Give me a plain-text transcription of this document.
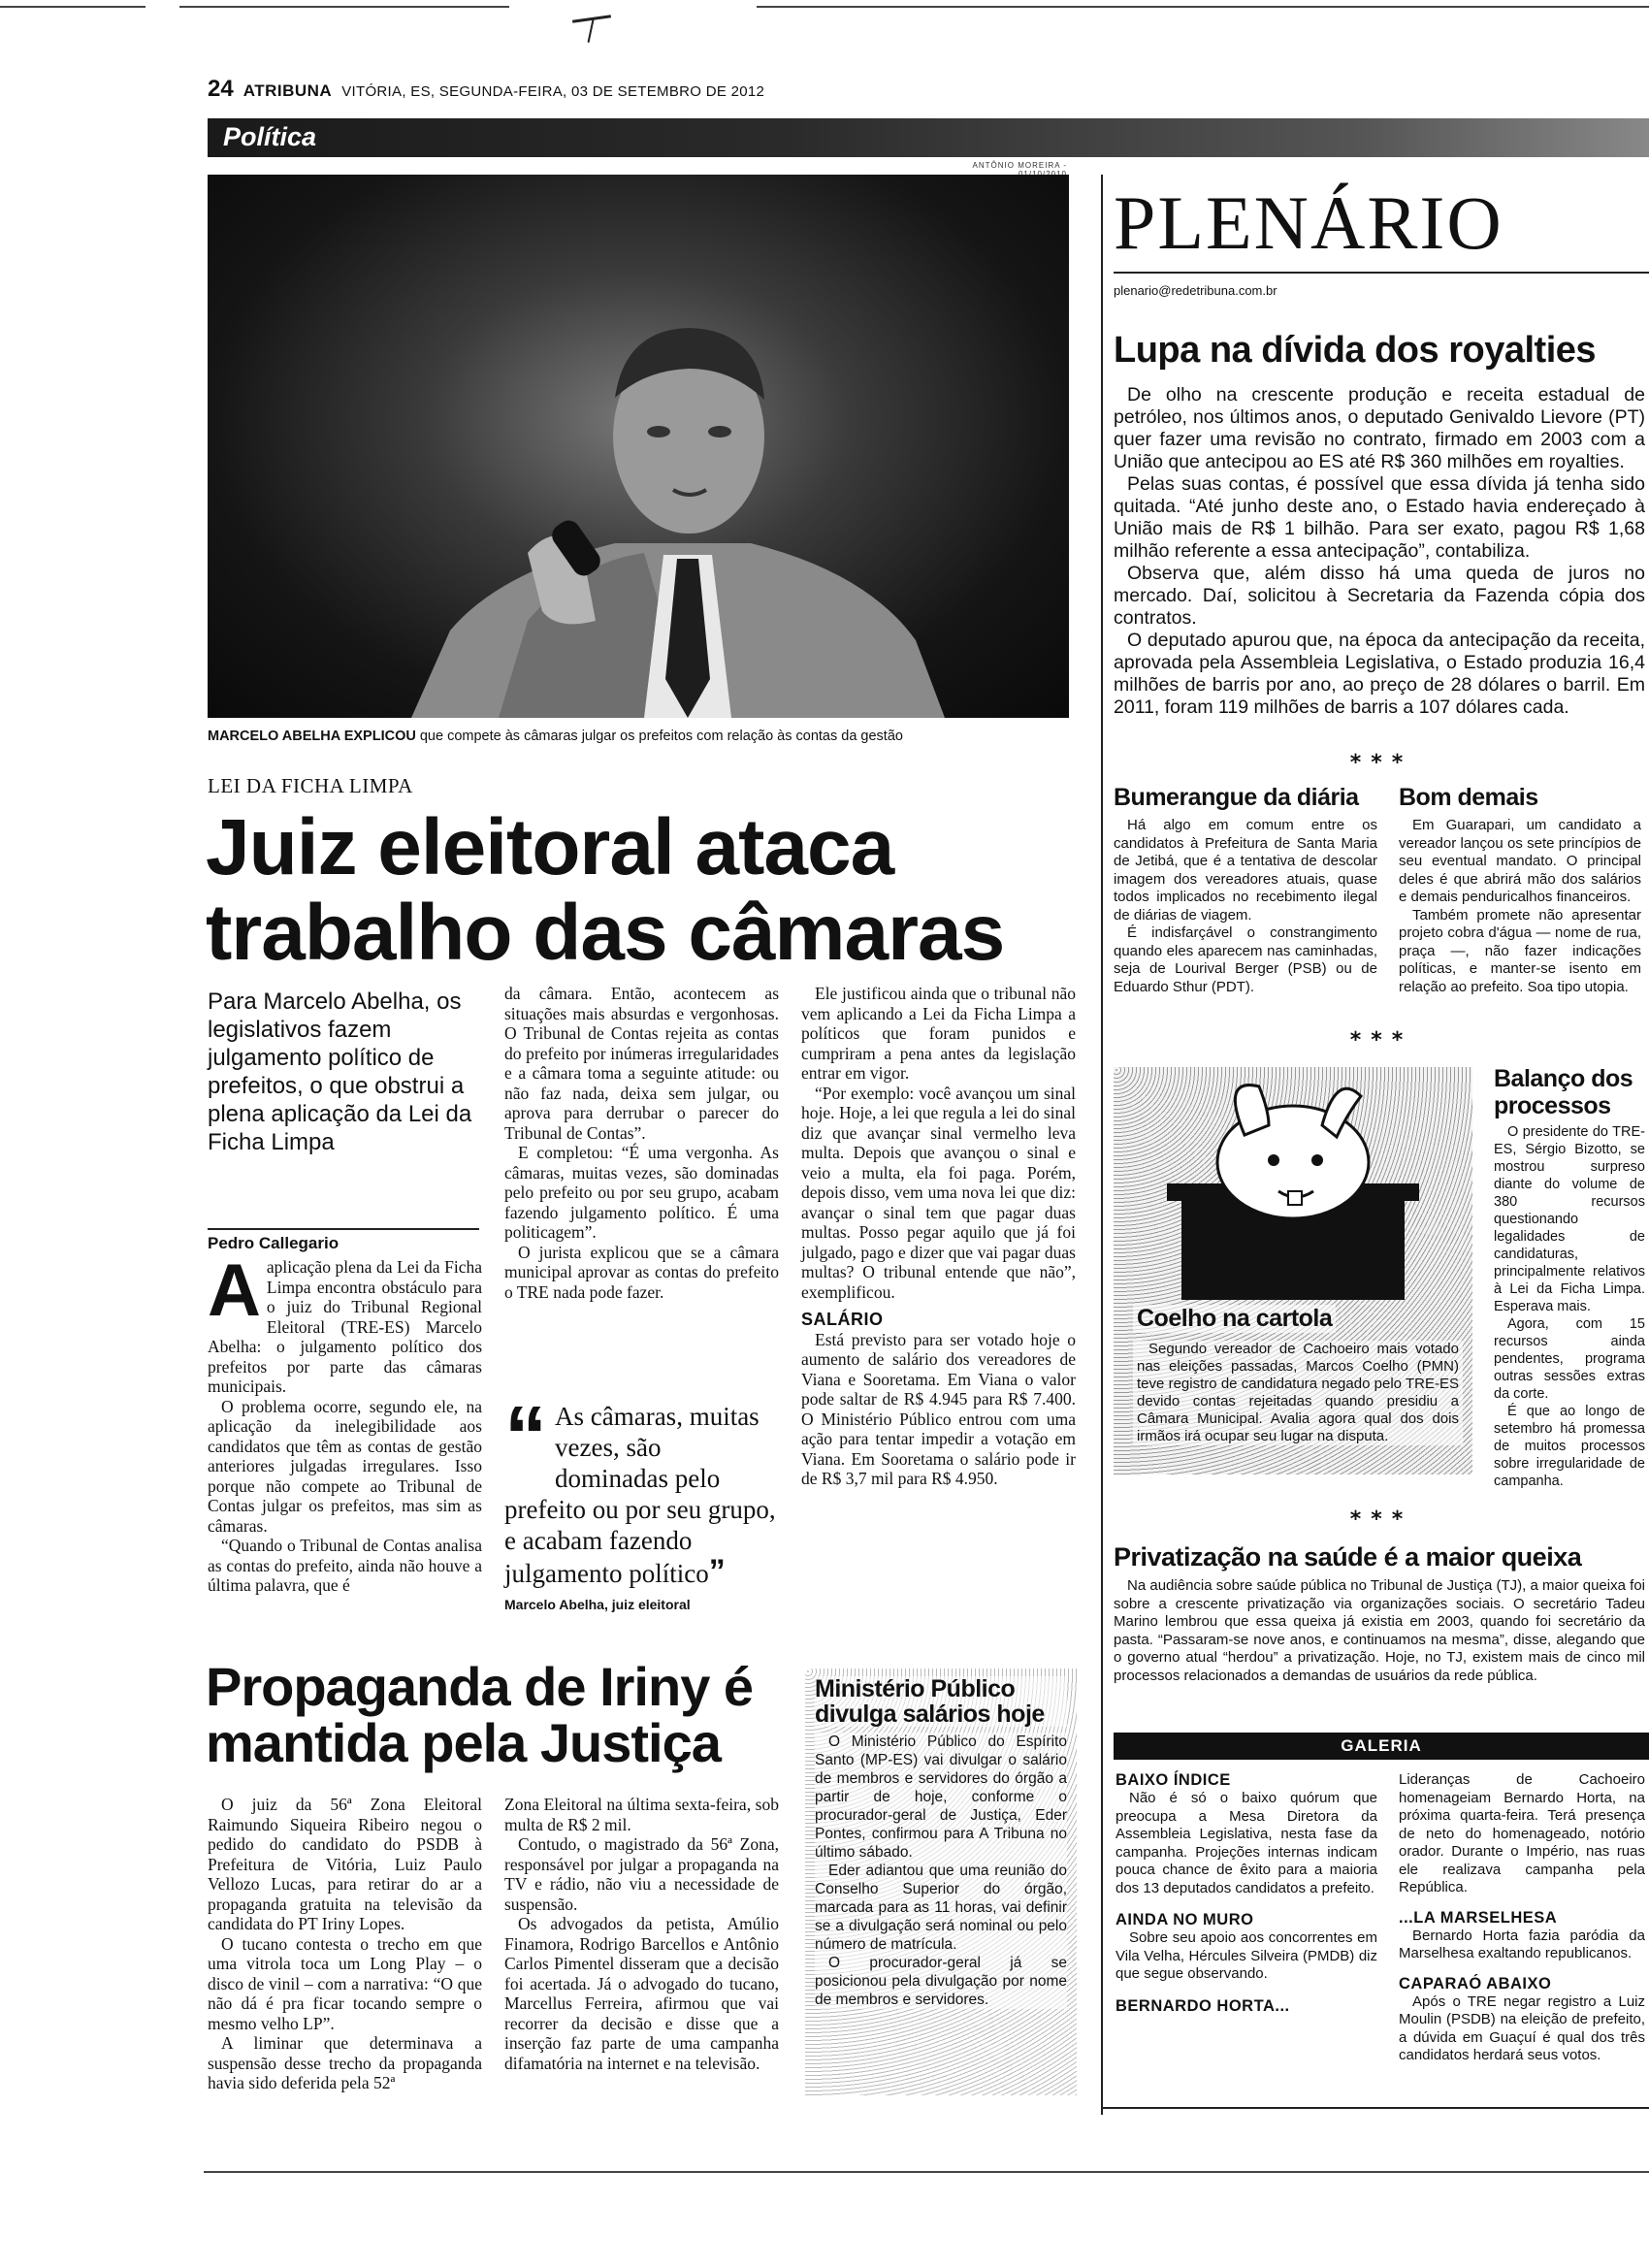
24 ATRIBUNA VITÓRIA, ES, SEGUNDA-FEIRA, 03 DE SETEMBRO DE 2012
Política
ANTÔNIO MOREIRA -
MARCELO ABELHA EXPLICOU que compete às câmaras julgar os prefeitos com relação às contas da gestão
LEI DA FICHA LIMPA
Juiz eleitoral ataca
trabalho das câmaras
Para Marcelo Abelha, os legislativos fazem julgamento político de prefeitos, o que obstrui a plena aplicação da Lei da Ficha Limpa
Pedro Callegario
A aplicação plena da Lei da Ficha Limpa encontra obstáculo para o juiz do Tribunal Regional Eleitoral (TRE-ES) Marcelo Abelha: o julgamento político dos prefeitos por parte das câmaras municipais.

O problema ocorre, segundo ele, na aplicação da inelegibilidade aos candidatos que têm as contas de gestão anteriores julgadas irregulares. Isso porque não compete ao Tribunal de Contas julgar os prefeitos, mas sim as câmaras.

“Quando o Tribunal de Contas analisa as contas do prefeito, ainda não houve a última palavra, que é

da câmara. Então, acontecem as situações mais absurdas e vergonhosas. O Tribunal de Contas rejeita as contas do prefeito por inúmeras irregularidades e a câmara toma a seguinte atitude: ou não faz nada, deixa sem julgar, ou aprova para derrubar o parecer do Tribunal de Contas”.

E completou: “É uma vergonha. As câmaras, muitas vezes, são dominadas pelo prefeito ou por seu grupo, acabam fazendo julgamento político. É uma politicagem”.

O jurista explicou que se a câmara municipal aprovar as contas do prefeito o TRE nada pode fazer.

“ As câmaras, muitas vezes, são dominadas pelo prefeito ou por seu grupo, e acabam fazendo julgamento político”
Marcelo Abelha, juiz eleitoral

Ele justificou ainda que o tribunal não vem aplicando a Lei da Ficha Limpa a políticos que foram punidos e cumpriram a pena antes da legislação entrar em vigor.

“Por exemplo: você avançou um sinal hoje. Hoje, a lei que regula a lei do sinal diz que avançar sinal vermelho leva multa. Depois que avançou o sinal e veio a multa, ela foi paga. Porém, depois disso, vem uma nova lei que diz: avançar o sinal tem que pagar duas multas. Posso pegar aquilo que já foi julgado, pago e dizer que vai pagar duas multas? O tribunal entende que não”, exemplificou.

SALÁRIO

Está previsto para ser votado hoje o aumento de salário dos vereadores de Viana e Sooretama. Em Viana o valor pode saltar de R$ 4.945 para R$ 7.400. O Ministério Público entrou com uma ação para tentar impedir a votação em Viana. Em Sooretama o salário pode ir de R$ 3,7 mil para R$ 4.950.

Propaganda de Iriny é
mantida pela Justiça

O juiz da 56ª Zona Eleitoral Raimundo Siqueira Ribeiro negou o pedido do candidato do PSDB à Prefeitura de Vitória, Luiz Paulo Vellozo Lucas, para retirar do ar a propaganda gratuita na televisão da candidata do PT Iriny Lopes.

O tucano contesta o trecho em que uma vitrola toca um Long Play – o disco de vinil – com a narrativa: “O que não dá é pra ficar tocando sempre o mesmo velho LP”.

A liminar que determinava a suspensão desse trecho da propaganda havia sido deferida pela 52ª

Zona Eleitoral na última sexta-feira, sob multa de R$ 2 mil.

Contudo, o magistrado da 56ª Zona, responsável por julgar a propaganda na TV e rádio, não viu a necessidade de suspensão.

Os advogados da petista, Amúlio Finamora, Rodrigo Barcellos e Antônio Carlos Pimentel disseram que a decisão foi acertada. Já o advogado do tucano, Marcellus Ferreira, afirmou que vai recorrer da decisão e disse que a inserção faz parte de uma campanha difamatória na internet e na televisão.

Ministério Público divulga salários hoje

O Ministério Público do Espírito Santo (MP-ES) vai divulgar o salário de membros e servidores do órgão a partir de hoje, conforme o procurador-geral de Justiça, Eder Pontes, confirmou para A Tribuna no último sábado.

Eder adiantou que uma reunião do Conselho Superior do órgão, marcada para as 11 horas, vai definir se a divulgação será nominal ou pelo número de matrícula.

O procurador-geral já se posicionou pela divulgação por nome de membros e servidores.

PLENÁRIO
plenario@redetribuna.com.br
Lupa na dívida dos royalties

De olho na crescente produção e receita estadual de petróleo, nos últimos anos, o deputado Genivaldo Lievore (PT) quer fazer uma revisão no contrato, firmado em 2003 com a União que antecipou ao ES até R$ 360 milhões em royalties.

Pelas suas contas, é possível que essa dívida já tenha sido quitada. “Até junho deste ano, o Estado havia endereçado à União mais de R$ 1 bilhão. Para ser exato, pagou R$ 1,68 milhão referente a essa antecipação”, contabiliza.

Observa que, além disso há uma queda de juros no mercado. Daí, solicitou à Secretaria da Fazenda cópia dos contratos.

O deputado apurou que, na época da antecipação da receita, aprovada pela Assembleia Legislativa, o Estado produzia 16,4 milhões de barris por ano, ao preço de 28 dólares o barril. Em 2011, foram 119 milhões de barris a 107 dólares cada.

***
Bumerangue da diária

Há algo em comum entre os candidatos à Prefeitura de Santa Maria de Jetibá, que é a tentativa de descolar imagem dos vereadores atuais, quase todos implicados no recebimento ilegal de diárias de viagem.

É indisfarçável o constrangimento quando eles aparecem nas caminhadas, seja de Lourival Berger (PSB) ou de Eduardo Sthur (PDT).

Bom demais

Em Guarapari, um candidato a vereador lançou os sete princípios de seu eventual mandato. O principal deles é que abrirá mão dos salários e demais penduricalhos financeiros.

Também promete não apresentar projeto cobra d'água — nome de rua, praça —, não fazer indicações políticas, e manter-se isento em relação ao prefeito. Soa tipo utopia.

***
Coelho na cartola
Segundo vereador de Cachoeiro mais votado nas eleições passadas, Marcos Coelho (PMN) teve registro de candidatura negado pelo TRE-ES devido contas rejeitadas quando presidiu a Câmara Municipal. Avalia agora qual dos dois irmãos irá ocupar seu lugar na disputa.
Balanço dos processos

O presidente do TRE-ES, Sérgio Bizotto, se mostrou surpreso diante do volume de 380 recursos questionando legalidades de candidaturas, principalmente relativos à Lei da Ficha Limpa. Esperava mais.

Agora, com 15 recursos ainda pendentes, programa outras sessões extras da corte.

É que ao longo de setembro há promessa de muitos processos sobre irregularidade de campanha.

***
Privatização na saúde é a maior queixa
Na audiência sobre saúde pública no Tribunal de Justiça (TJ), a maior queixa foi sobre a crescente privatização via organizações sociais. O secretário Tadeu Marino lembrou que essa queixa já existia em 2003, quando foi secretário da pasta. “Passaram-se nove anos, e continuamos na mesma”, disse, alegando que o governo atual “herdou” a privatização. Hoje, no TJ, existem mais de cinco mil processos relacionados a demandas de usuários da rede pública.
GALERIA
BAIXO ÍNDICE
Não é só o baixo quórum que preocupa a Mesa Diretora da Assembleia Legislativa, nesta fase da campanha. Projeções internas indicam pouca chance de êxito para a maioria dos 13 deputados candidatos a prefeito.
AINDA NO MURO
Sobre seu apoio aos concorrentes em Vila Velha, Hércules Silveira (PMDB) diz que segue observando.
BERNARDO HORTA...
Lideranças de Cachoeiro homenageiam Bernardo Horta, na próxima quarta-feira. Terá presença de neto do homenageado, notório orador. Durante o Império, nas ruas ele realizava campanha pela República.
...LA MARSELHESA
Bernardo Horta fazia paródia da Marselhesa exaltando republicanos.
CAPARAÓ ABAIXO
Após o TRE negar registro a Luiz Moulin (PSDB) na eleição de prefeito, a dúvida em Guaçuí é qual dos três candidatos herdará seus votos.
